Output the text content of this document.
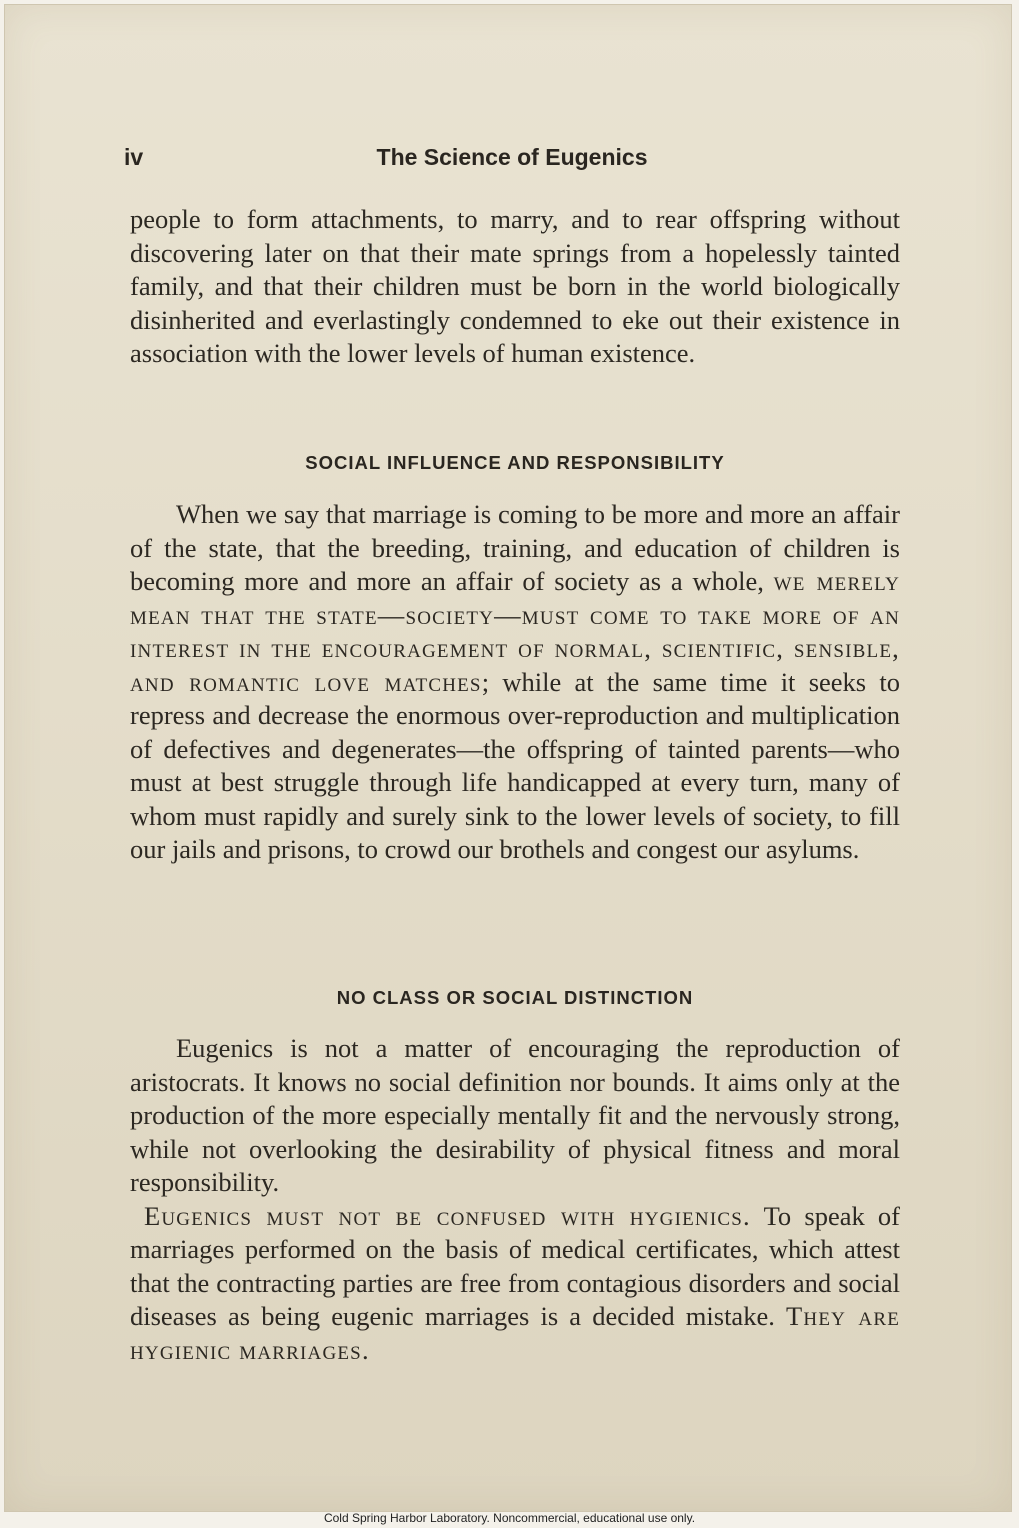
iv	The Science of Eugenics

people to form attachments, to marry, and to rear offspring without discovering later on that their mate springs from a hopelessly tainted family, and that their children must be born in the world biologically disinherited and everlastingly condemned to eke out their existence in association with the lower levels of human existence.

SOCIAL INFLUENCE AND RESPONSIBILITY

When we say that marriage is coming to be more and more an affair of the state, that the breeding, training, and education of children is becoming more and more an affair of society as a whole, we merely mean that the state—society—must come to take more of an interest in the encouragement of normal, scientific, sensible, and romantic love matches; while at the same time it seeks to repress and decrease the enormous over-reproduction and multiplication of defectives and degenerates—the offspring of tainted parents—who must at best struggle through life handicapped at every turn, many of whom must rapidly and surely sink to the lower levels of society, to fill our jails and prisons, to crowd our brothels and congest our asylums.

NO CLASS OR SOCIAL DISTINCTION

Eugenics is not a matter of encouraging the reproduction of aristocrats. It knows no social definition nor bounds. It aims only at the production of the more especially mentally fit and the nervously strong, while not overlooking the desirability of physical fitness and moral responsibility.

Eugenics must not be confused with hygienics. To speak of marriages performed on the basis of medical certificates, which attest that the contracting parties are free from contagious disorders and social diseases as being eugenic marriages is a decided mistake. They are hygienic marriages.

Cold Spring Harbor Laboratory. Noncommercial, educational use only.
